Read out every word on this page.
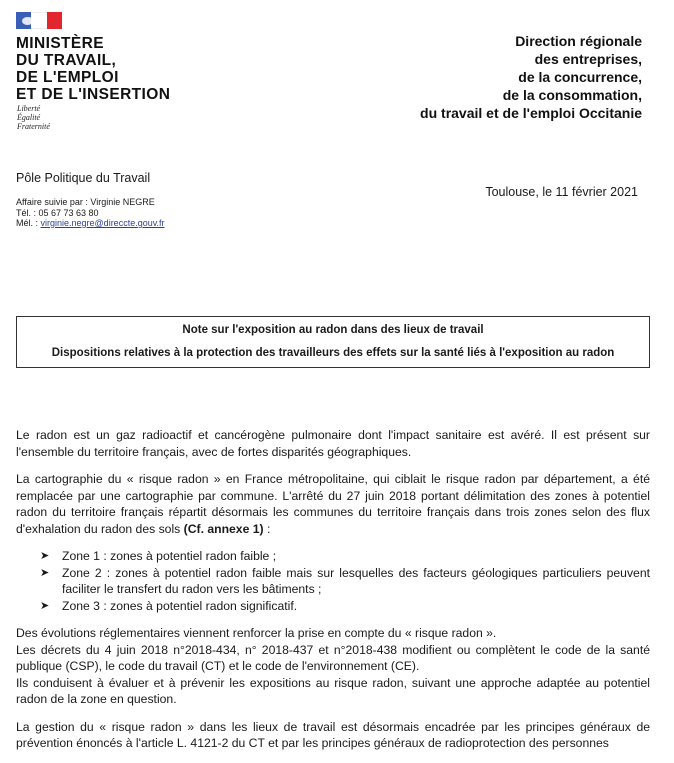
MINISTÈRE
DU TRAVAIL,
DE L'EMPLOI
ET DE L'INSERTION
Liberté
Égalité
Fraternité
Direction régionale
des entreprises,
de la concurrence,
de la consommation,
du travail et de l'emploi Occitanie
Pôle Politique du Travail
Toulouse, le 11 février 2021
Affaire suivie par : Virginie NEGRE
Tél. : 05 67 73 63 80
Mél. : virginie.negre@direccte.gouv.fr
Note sur l'exposition au radon dans des lieux de travail
Dispositions relatives à la protection des travailleurs des effets sur la santé liés à l'exposition au radon

Le radon est un gaz radioactif et cancérogène pulmonaire dont l'impact sanitaire est avéré. Il est présent sur l'ensemble du territoire français, avec de fortes disparités géographiques.

La cartographie du « risque radon » en France métropolitaine, qui ciblait le risque radon par département, a été remplacée par une cartographie par commune. L'arrêté du 27 juin 2018 portant délimitation des zones à potentiel radon du territoire français répartit désormais les communes du territoire français dans trois zones selon des flux d'exhalation du radon des sols (Cf. annexe 1) :

➤ Zone 1 : zones à potentiel radon faible ;
➤ Zone 2 : zones à potentiel radon faible mais sur lesquelles des facteurs géologiques particuliers peuvent faciliter le transfert du radon vers les bâtiments ;
➤ Zone 3 : zones à potentiel radon significatif.

Des évolutions réglementaires viennent renforcer la prise en compte du « risque radon ».
Les décrets du 4 juin 2018 n°2018-434, n° 2018-437 et n°2018-438 modifient ou complètent le code de la santé publique (CSP), le code du travail (CT) et le code de l'environnement (CE).
Ils conduisent à évaluer et à prévenir les expositions au risque radon, suivant une approche adaptée au potentiel radon de la zone en question.

La gestion du « risque radon » dans les lieux de travail est désormais encadrée par les principes généraux de prévention énoncés à l'article L. 4121-2 du CT et par les principes généraux de radioprotection des personnes
